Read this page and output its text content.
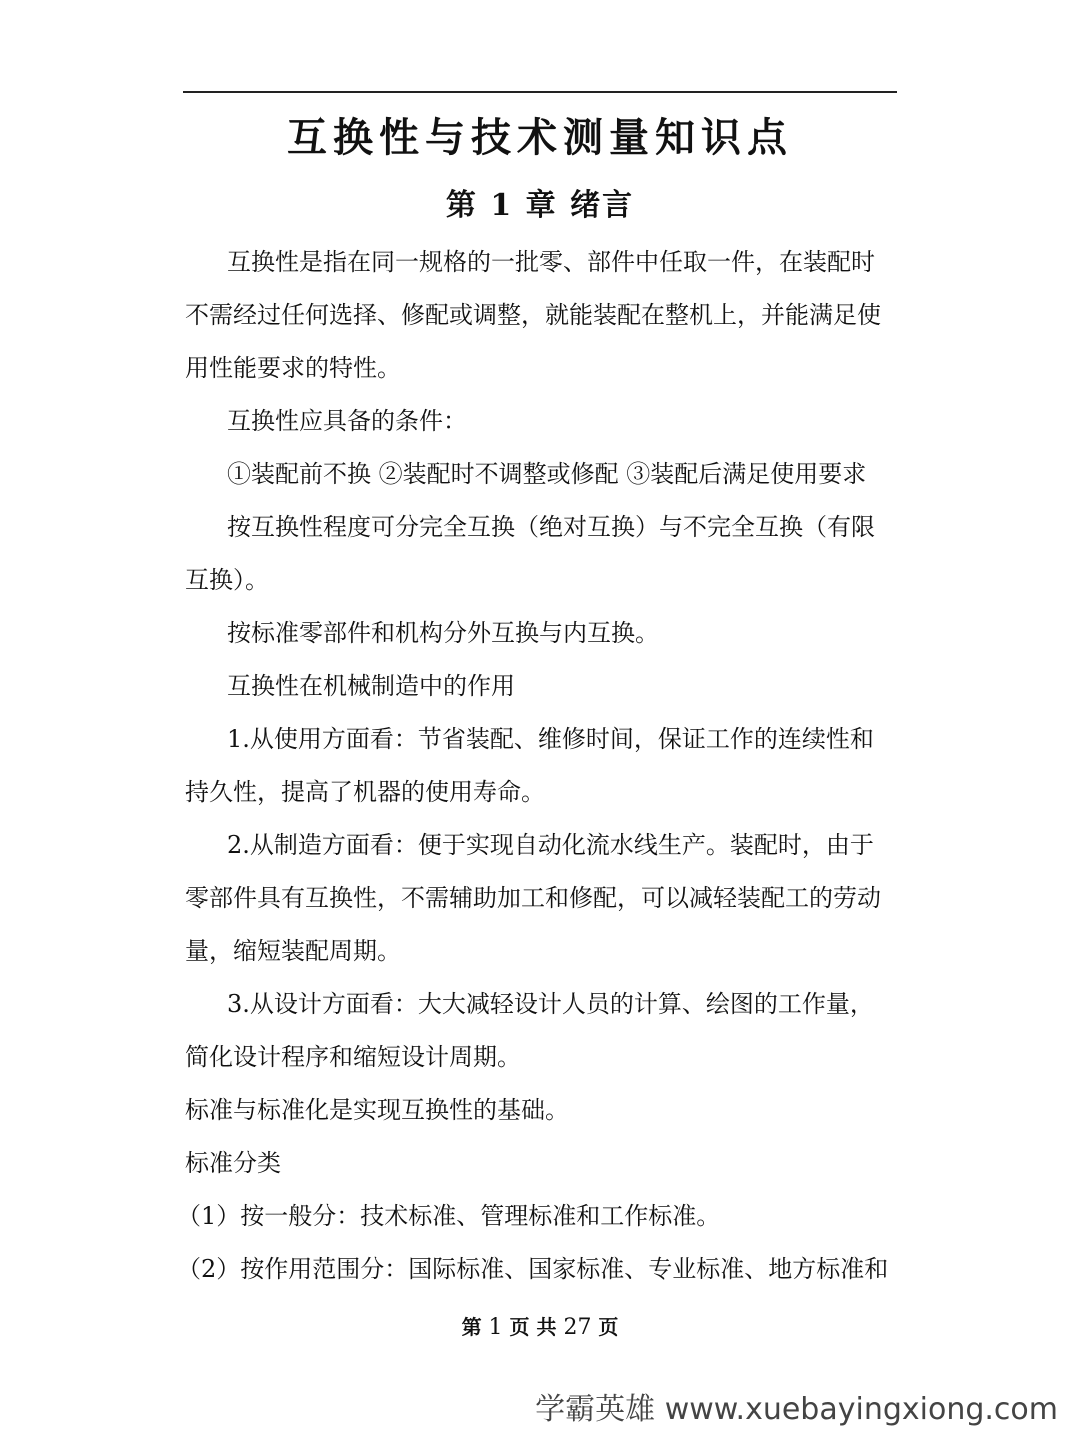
互换性与技术测量知识点
第 1 章 绪言

互换性是指在同一规格的一批零、部件中任取一件，在装配时不需经过任何选择、修配或调整，就能装配在整机上，并能满足使用性能要求的特性。

互换性应具备的条件：

①装配前不换 ②装配时不调整或修配 ③装配后满足使用要求

按互换性程度可分完全互换（绝对互换）与不完全互换（有限互换）。

按标准零部件和机构分外互换与内互换。

互换性在机械制造中的作用

1.从使用方面看：节省装配、维修时间，保证工作的连续性和持久性，提高了机器的使用寿命。

2.从制造方面看：便于实现自动化流水线生产。装配时，由于零部件具有互换性，不需辅助加工和修配，可以减轻装配工的劳动量，缩短装配周期。

3.从设计方面看：大大减轻设计人员的计算、绘图的工作量，简化设计程序和缩短设计周期。

标准与标准化是实现互换性的基础。

标准分类

（1）按一般分：技术标准、管理标准和工作标准。

（2）按作用范围分：国际标准、国家标准、专业标准、地方标准和

第 1 页 共 27 页
学霸英雄 www.xuebayingxiong.com
